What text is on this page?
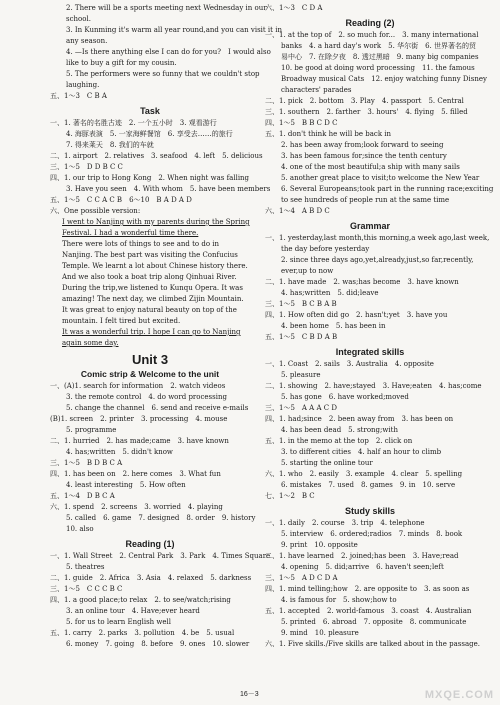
2. There will be a sports meeting next Wednesday in our
school.
3. In Kunming it's warm all year round,and you can visit it in
any season.
4. —Is there anything else I can do for you?　I would also
like to buy a gift for my cousin.
5. The performers were so funny that we couldn't stop
laughing.
五、1～3　C B A
Task
一、1. 著名的名胜古迹　2. 一个五小时　3. 观看游行
4. 海豚表演　5. 一家海鲜餐馆　6. 享受去……的旅行
7. 得来莱天　8. 我们的车就
二、1. airport　2. relatives　3. seafood　4. left　5. delicious
三、1～5　D D B C C
四、1. our trip to Hong Kong　2. When night was falling
3. Have you seen　4. With whom　5. have been members
五、1～5　C C A C B　6～10　B A D A D
六、One possible version:
I went to Nanjing with my parents during the Spring Festival. I had a wonderful time there.
There were lots of things to see and to do in Nanjing. The best part was visiting the Confucius Temple. We learnt a lot about Chinese history there. And we also took a boat trip along Qinhuai River. During the trip,we listened to Kunqu Opera. It was amazing! The next day, we climbed Zijin Mountain. It was great to enjoy natural beauty on top of the mountain. I felt tired but excited.
It was a wonderful trip. I hope I can go to Nanjing again some day.
Unit 3
Comic strip & Welcome to the unit
一、(A)1. search for information　2. watch videos
3. the remote control　4. do word processing
5. change the channel　6. send and receive e-mails
(B)1. screen　2. printer　3. processing　4. mouse
5. programme
二、1. hurried　2. has made;came　3. have known
4. has;written　5. didn't know
三、1～5　B D B C A
四、1. has been on　2. here comes　3. What fun
4. least interesting　5. How often
五、1～4　D B C A
六、1. spend　2. screens　3. worried　4. playing
5. called　6. game　7. designed　8. order　9. history
10. also
Reading (1)
一、1. Wall Street　2. Central Park　3. Park　4. Times Square
5. theatres
二、1. guide　2. Africa　3. Asia　4. relaxed　5. darkness
三、1～5　C C C B C
四、1. a good place;to relax　2. to see/watch;rising
3. an online tour　4. Have;ever heard
5. for us to learn English well
五、1. carry　2. parks　3. pollution　4. be　5. usual
6. money　7. going　8. before　9. ones　10. slower
六、1～3　C D A
Reading (2)
一、1. at the top of　2. so much for...　3. many international
banks　4. a hard day's work　5. 华尔街　6. 世界著名的贸
易中心　7. 在除夕夜　8. 透过黑暗　9. many big companies
10. be good at doing word processing　11. the famous
Broadway musical Cats　12. enjoy watching funny Disney
characters' parades
二、1. pick　2. bottom　3. Play　4. passport　5. Central
三、1. southern　2. farther　3. hours'　4. flying　5. filled
四、1～5　B B C D C
五、1. don't think he will be back in
2. has been away from;look forward to seeing
3. has been famous for;since the tenth century
4. one of the most beautiful;a ship with many sails
5. another great place to visit;to welcome the New Year
6. Several Europeans;took part in the running race;exciting
to see hundreds of people run at the same time
六、1～4　A B D C
Grammar
一、1. yesterday,last month,this morning,a week ago,last week,
the day before yesterday
2. since three days ago,yet,already,just,so far,recently,
ever,up to now
二、1. have made　2. was;has become　3. have known
4. has;written　5. did;leave
三、1～5　B C B A B
四、1. How often did go　2. hasn't;yet　3. have you
4. been home　5. has been in
五、1～5　C B D A B
Integrated skills
一、1. Coast　2. sails　3. Australia　4. opposite
5. pleasure
二、1. showing　2. have;stayed　3. Have;eaten　4. has;come
5. has gone　6. have worked;moved
三、1～5　A A A C D
四、1. had;since　2. been away from　3. has been on
4. has been dead　5. strong;with
五、1. in the memo at the top　2. click on
3. to different cities　4. half an hour to climb
5. starting the online tour
六、1. who　2. easily　3. example　4. clear　5. spelling
6. mistakes　7. used　8. games　9. in　10. serve
七、1～2　B C
Study skills
一、1. daily　2. course　3. trip　4. telephone
5. interview　6. ordered;radios　7. minds　8. book
9. print　10. opposite
二、1. have learned　2. joined;has been　3. Have;read
4. opening　5. did;arrive　6. haven't seen;left
三、1～5　A D C D A
四、1. mind telling;how　2. are opposite to　3. as soon as
4. is famous for　5. show;how to
五、1. accepted　2. world-famous　3. coast　4. Australian
5. printed　6. abroad　7. opposite　8. communicate
9. mind　10. pleasure
六、1. Five skills./Five skills are talked about in the passage.
16－3	MXQE.COM
